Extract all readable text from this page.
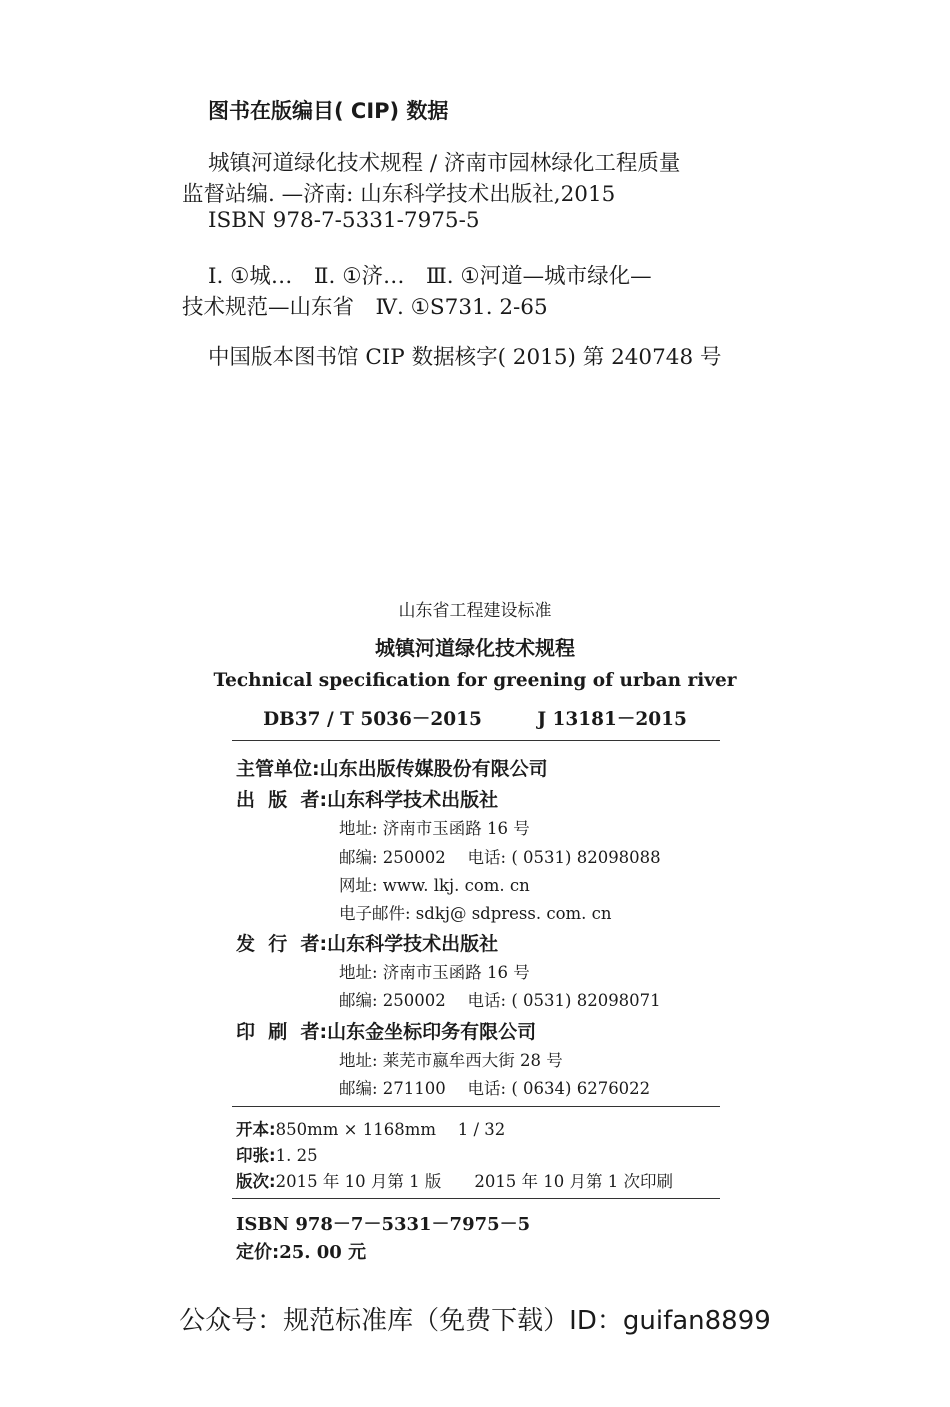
图书在版编目( CIP) 数据
城镇河道绿化技术规程 / 济南市园林绿化工程质量
监督站编. —济南: 山东科学技术出版社,2015
ISBN 978-7-5331-7975-5
Ⅰ. ①城…　Ⅱ. ①济…　Ⅲ. ①河道—城市绿化—
技术规范—山东省　Ⅳ. ①S731. 2-65
中国版本图书馆 CIP 数据核字( 2015) 第 240748 号
山东省工程建设标准
城镇河道绿化技术规程
Technical specification for greening of urban river
DB37 / T 5036－2015　　　J 13181－2015
主管单位:山东出版传媒股份有限公司
出  版  者:山东科学技术出版社
地址: 济南市玉函路 16 号
邮编: 250002　 电话: ( 0531) 82098088
网址: www. lkj. com. cn
电子邮件: sdkj@ sdpress. com. cn
发  行  者:山东科学技术出版社
地址: 济南市玉函路 16 号
邮编: 250002　 电话: ( 0531) 82098071
印  刷  者:山东金坐标印务有限公司
地址: 莱芜市嬴牟西大街 28 号
邮编: 271100　 电话: ( 0634) 6276022
开本:850mm × 1168mm　 1 / 32
印张:1. 25
版次:2015 年 10 月第 1 版　　2015 年 10 月第 1 次印刷
ISBN 978－7－5331－7975－5
定价:25. 00 元
公众号：规范标准库（免费下载）ID：guifan8899
